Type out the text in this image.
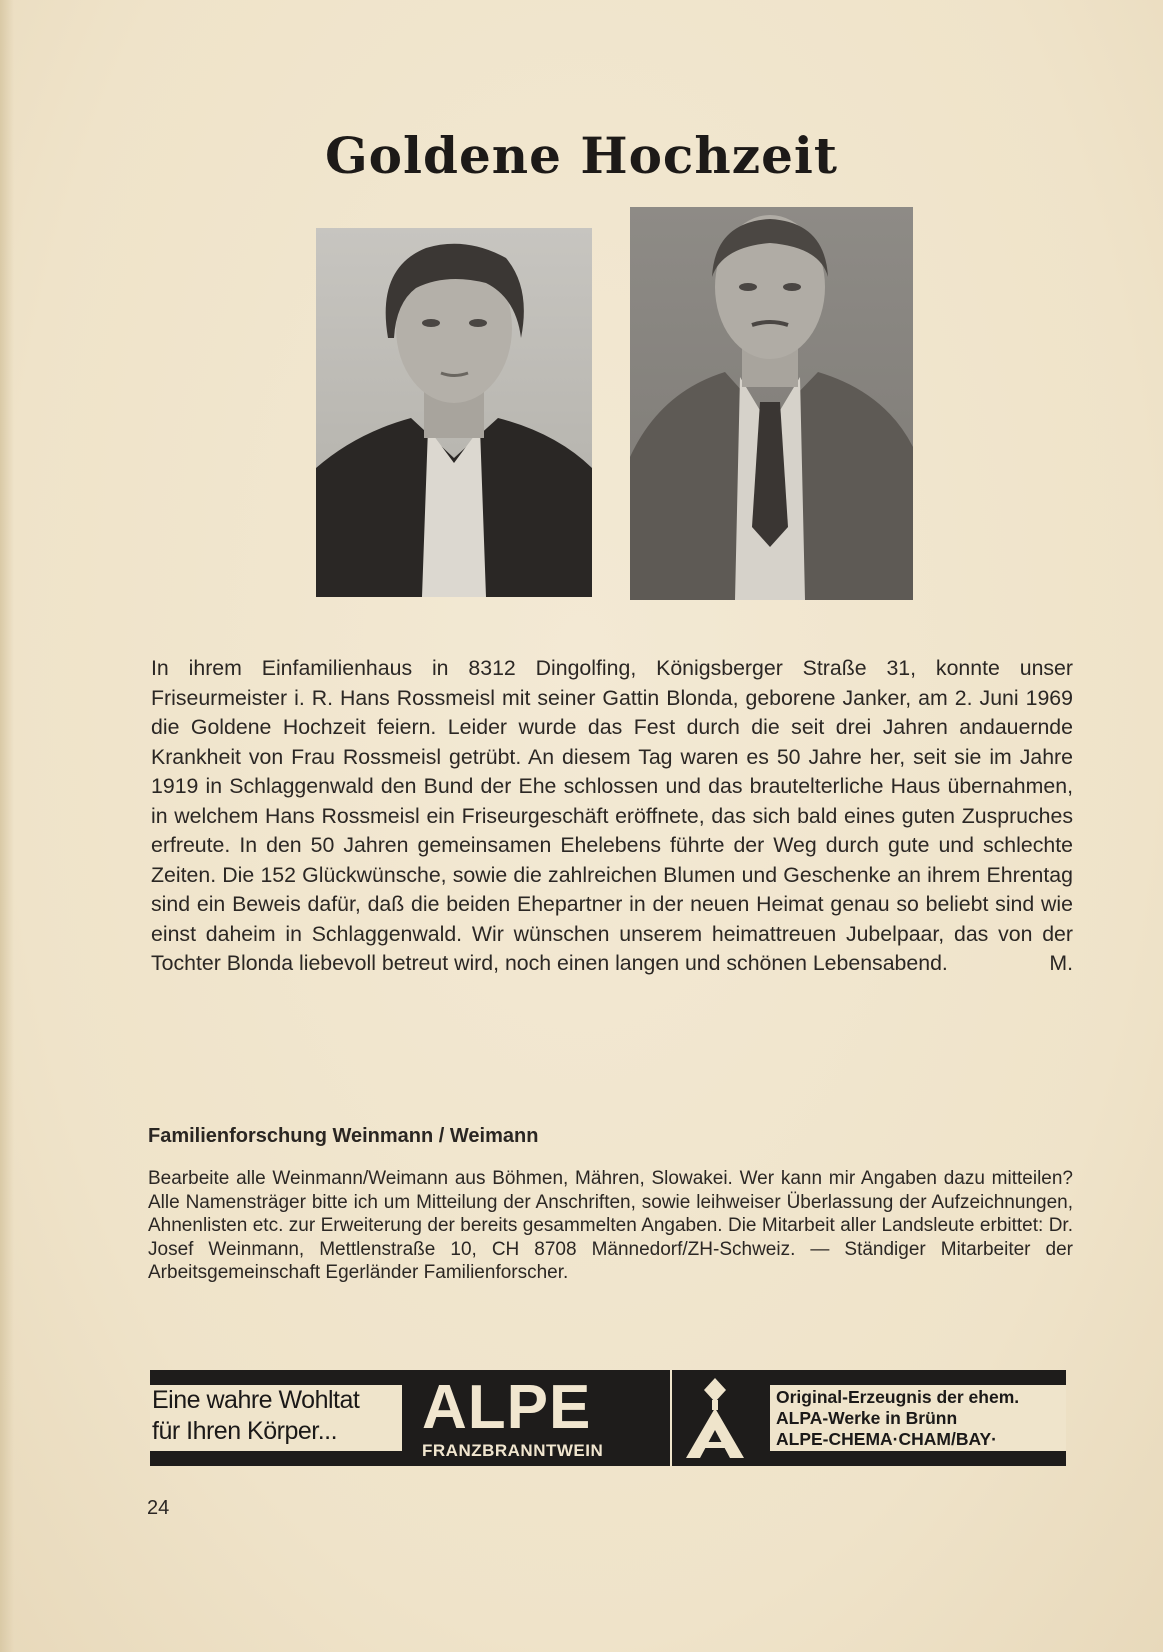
Goldene Hochzeit

In ihrem Einfamilienhaus in 8312 Dingolfing, Königsberger Straße 31, konnte unser Friseurmeister i. R. Hans Rossmeisl mit seiner Gattin Blonda, geborene Janker, am 2. Juni 1969 die Goldene Hochzeit feiern. Leider wurde das Fest durch die seit drei Jahren andauernde Krankheit von Frau Rossmeisl getrübt. An diesem Tag waren es 50 Jahre her, seit sie im Jahre 1919 in Schlaggenwald den Bund der Ehe schlossen und das brautelterliche Haus übernahmen, in welchem Hans Rossmeisl ein Friseurgeschäft eröffnete, das sich bald eines guten Zuspruches erfreute. In den 50 Jahren gemeinsamen Ehelebens führte der Weg durch gute und schlechte Zeiten. Die 152 Glückwünsche, sowie die zahlreichen Blumen und Geschenke an ihrem Ehrentag sind ein Beweis dafür, daß die beiden Ehepartner in der neuen Heimat genau so beliebt sind wie einst daheim in Schlaggenwald. Wir wünschen unserem heimattreuen Jubelpaar, das von der Tochter Blonda liebevoll betreut wird, noch einen langen und schönen Lebensabend.	M.

Familienforschung Weinmann / Weimann

Bearbeite alle Weinmann/Weimann aus Böhmen, Mähren, Slowakei. Wer kann mir Angaben dazu mitteilen? Alle Namensträger bitte ich um Mitteilung der Anschriften, sowie leihweiser Überlassung der Aufzeichnungen, Ahnenlisten etc. zur Erweiterung der bereits gesammelten Angaben. Die Mitarbeit aller Landsleute erbittet: Dr. Josef Weinmann, Mettlenstraße 10, CH 8708 Männedorf/ZH-Schweiz. — Ständiger Mitarbeiter der Arbeitsgemeinschaft Egerländer Familienforscher.

Eine wahre Wohltat
für Ihren Körper...	ALPE
FRANZBRANNTWEIN
Original-Erzeugnis der ehem.
ALPA-Werke in Brünn
ALPE-CHEMA·CHAM/BAY·
24
